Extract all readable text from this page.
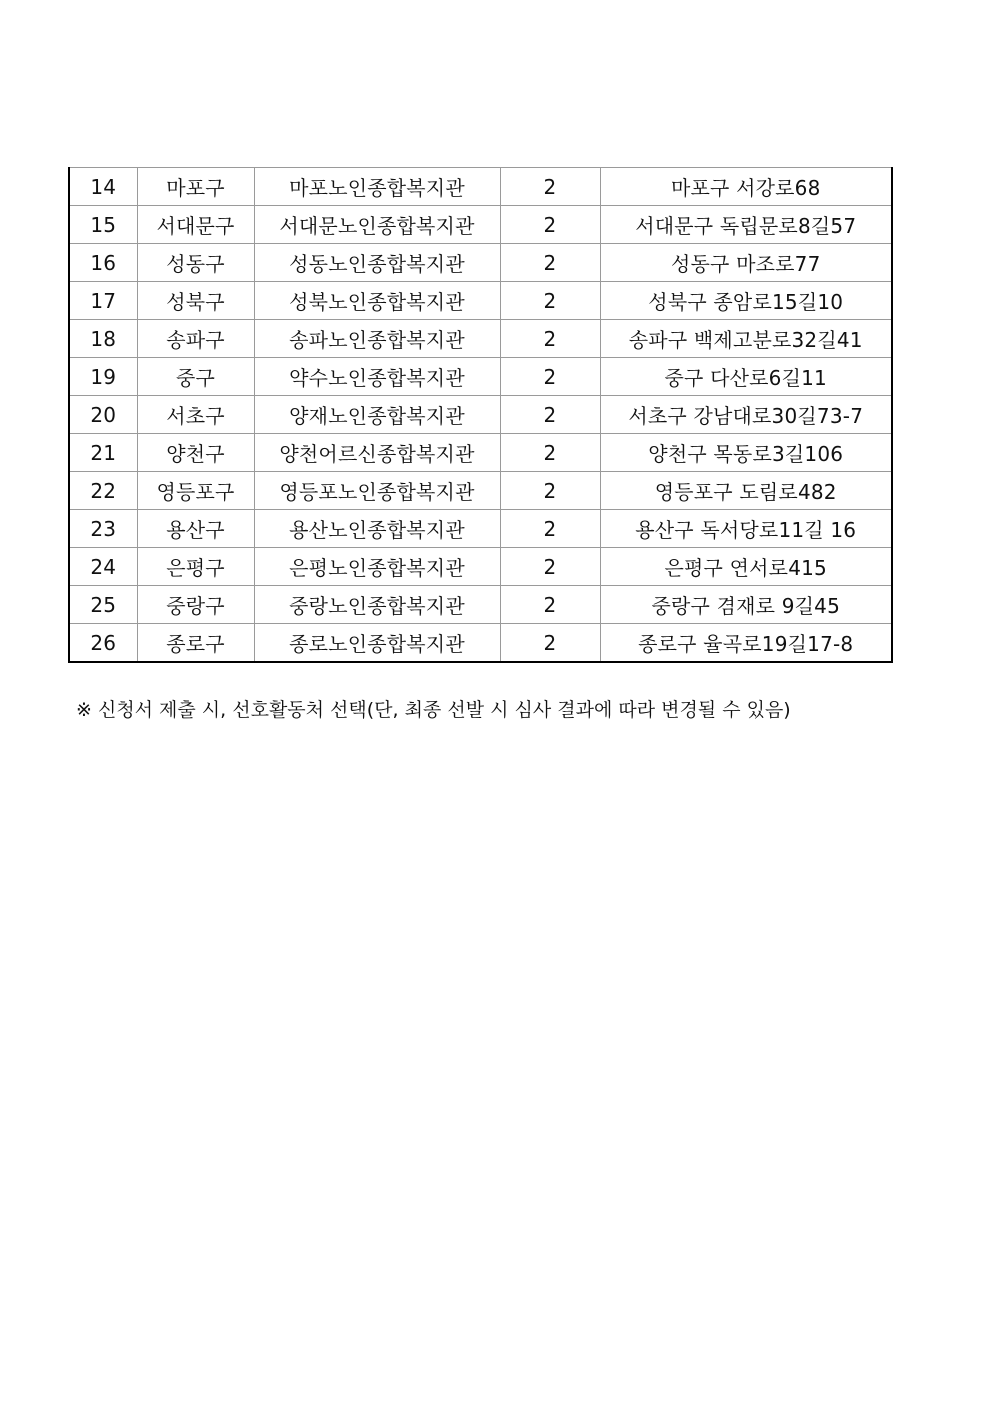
14	마포구	마포노인종합복지관	2	마포구 서강로68
15	서대문구	서대문노인종합복지관	2	서대문구 독립문로8길57
16	성동구	성동노인종합복지관	2	성동구 마조로77
17	성북구	성북노인종합복지관	2	성북구 종암로15길10
18	송파구	송파노인종합복지관	2	송파구 백제고분로32길41
19	중구	약수노인종합복지관	2	중구 다산로6길11
20	서초구	양재노인종합복지관	2	서초구 강남대로30길73-7
21	양천구	양천어르신종합복지관	2	양천구 목동로3길106
22	영등포구	영등포노인종합복지관	2	영등포구 도림로482
23	용산구	용산노인종합복지관	2	용산구 독서당로11길 16
24	은평구	은평노인종합복지관	2	은평구 연서로415
25	중랑구	중랑노인종합복지관	2	중랑구 겸재로 9길45
26	종로구	종로노인종합복지관	2	종로구 율곡로19길17-8
※ 신청서 제출 시, 선호활동처 선택(단, 최종 선발 시 심사 결과에 따라 변경될 수 있음)
